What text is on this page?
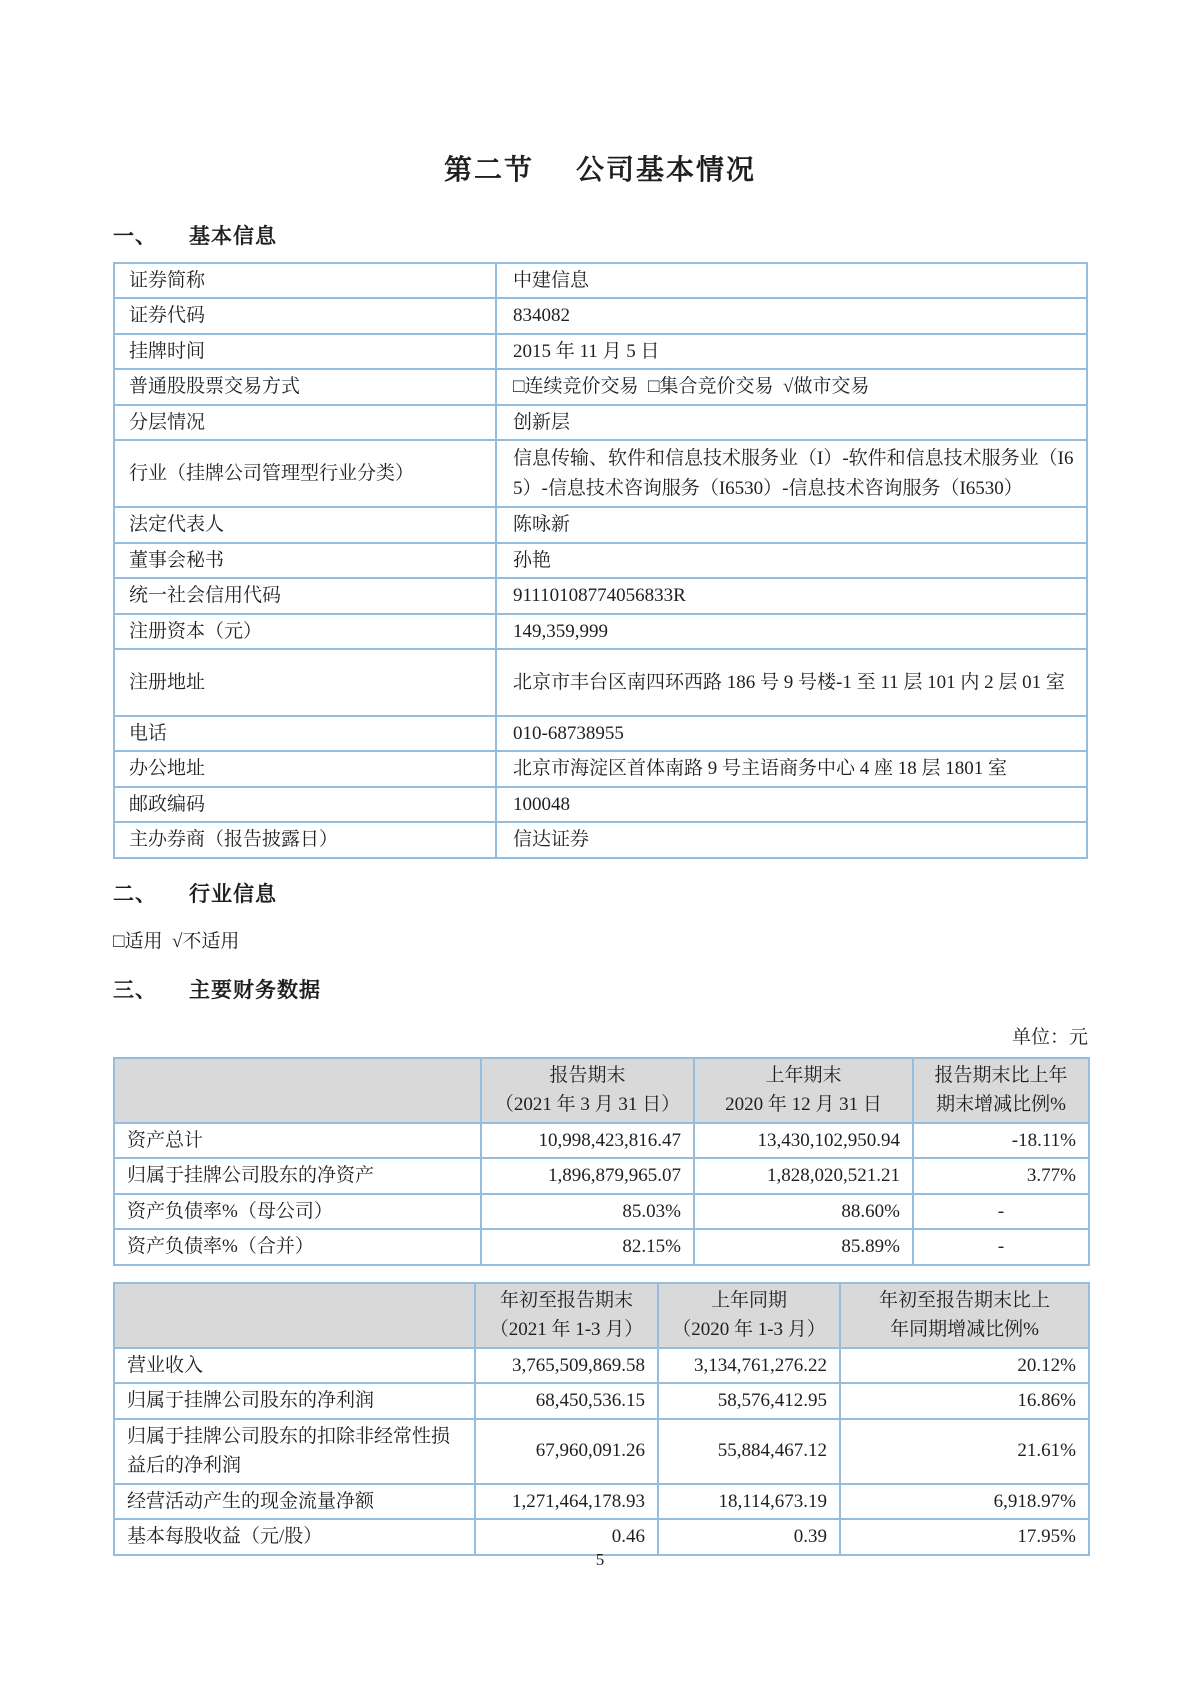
第二节 公司基本情况
一、 基本信息
证券简称	中建信息
证券代码	834082
挂牌时间	2015 年 11 月 5 日
普通股股票交易方式	□连续竞价交易  □集合竞价交易  √做市交易
分层情况	创新层
行业（挂牌公司管理型行业分类）	信息传输、软件和信息技术服务业（I）-软件和信息技术服务业（I65）-信息技术咨询服务（I6530）-信息技术咨询服务（I6530）
法定代表人	陈咏新
董事会秘书	孙艳
统一社会信用代码	91110108774056833R
注册资本（元）	149,359,999
注册地址	北京市丰台区南四环西路 186 号 9 号楼-1 至 11 层 101 内 2 层 01 室
电话	010-68738955
办公地址	北京市海淀区首体南路 9 号主语商务中心 4 座 18 层 1801 室
邮政编码	100048
主办券商（报告披露日）	信达证券
二、 行业信息
□适用  √不适用
三、 主要财务数据
单位：元

报告期末
（2021 年 3 月 31 日）

上年期末
2020 年 12 月 31 日

报告期末比上年
期末增减比例%

资产总计	10,998,423,816.47	13,430,102,950.94	-18.11%
归属于挂牌公司股东的净资产	1,896,879,965.07	1,828,020,521.21	3.77%
资产负债率%（母公司）	85.03%	88.60%	-
资产负债率%（合并）	82.15%	85.89%	-

年初至报告期末
（2021 年 1-3 月）

上年同期
（2020 年 1-3 月）

年初至报告期末比上
年同期增减比例%

营业收入	3,765,509,869.58	3,134,761,276.22	20.12%
归属于挂牌公司股东的净利润	68,450,536.15	58,576,412.95	16.86%
归属于挂牌公司股东的扣除非经常性损益后的净利润	67,960,091.26	55,884,467.12	21.61%
经营活动产生的现金流量净额	1,271,464,178.93	18,114,673.19	6,918.97%
基本每股收益（元/股）	0.46	0.39	17.95%
5
